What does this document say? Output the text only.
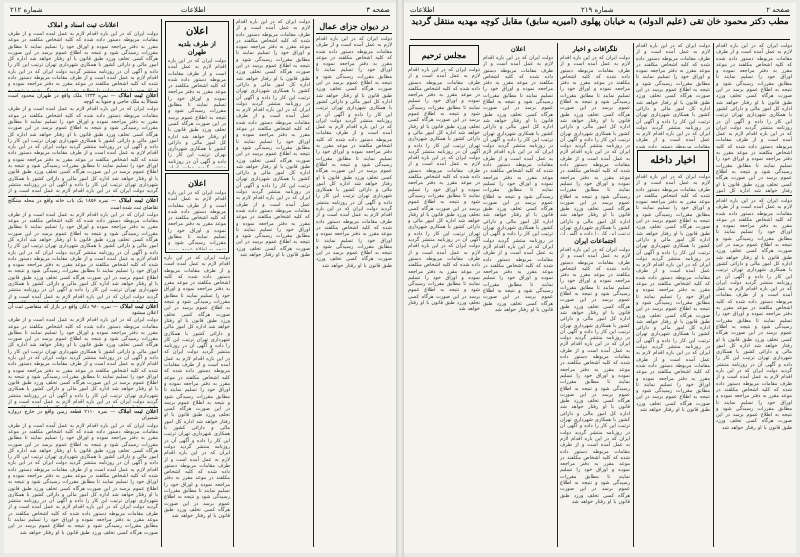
صفحه ۳
اطلاعات
شماره ۲۱۲
در دیوان جزای عمال
دولت ایران که در این باره اقدام لازم به عمل آمده است و از طرف مقامات مربوطه دستور داده شده که کلیه اشخاص مکلفند در موعد مقرر به دفتر مراجعه نموده و اوراق خود را تسلیم نمایند تا مطابق مقررات رسیدگی شود و نتیجه به اطلاع عموم برسد در این صورت هرگاه کسی تخلف ورزد طبق قانون با او رفتار خواهد شد اداره کل امور مالی و دارائی کشور با همکاری شهرداری تهران ترتیب این کار را داده و آگهی آن در روزنامه منتشر گردید دولت ایران که در این باره اقدام لازم به عمل آمده است و از طرف مقامات مربوطه دستور داده شده که کلیه اشخاص مکلفند در موعد مقرر به دفتر مراجعه نموده و اوراق خود را تسلیم نمایند تا مطابق مقررات رسیدگی شود و نتیجه به اطلاع عموم برسد در این صورت هرگاه کسی تخلف ورزد طبق قانون با او رفتار خواهد شد اداره کل امور مالی و دارائی کشور با همکاری شهرداری تهران ترتیب این کار را داده و آگهی آن در روزنامه منتشر گردید دولت ایران که در این باره اقدام لازم به عمل آمده است و از طرف مقامات مربوطه دستور داده شده که کلیه اشخاص مکلفند در موعد مقرر به دفتر مراجعه نموده و اوراق خود را تسلیم نمایند تا مطابق مقررات رسیدگی شود و نتیجه به اطلاع عموم برسد در این صورت هرگاه کسی تخلف ورزد طبق قانون با او رفتار خواهد شد
دولت ایران که در این باره اقدام لازم به عمل آمده است و از طرف مقامات مربوطه دستور داده شده که کلیه اشخاص مکلفند در موعد مقرر به دفتر مراجعه نموده و اوراق خود را تسلیم نمایند تا مطابق مقررات رسیدگی شود و نتیجه به اطلاع عموم برسد در این صورت هرگاه کسی تخلف ورزد طبق قانون با او رفتار خواهد شد اداره کل امور مالی و دارائی کشور با همکاری شهرداری تهران ترتیب این کار را داده و آگهی آن در روزنامه منتشر گردید دولت ایران که در این باره اقدام لازم به عمل آمده است و از طرف مقامات مربوطه دستور داده شده که کلیه اشخاص مکلفند در موعد مقرر به دفتر مراجعه نموده و اوراق خود را تسلیم نمایند تا مطابق مقررات رسیدگی شود و نتیجه به اطلاع عموم برسد در این صورت هرگاه کسی تخلف ورزد طبق قانون با او رفتار خواهد شد اداره کل امور مالی و دارائی کشور با همکاری شهرداری تهران ترتیب این کار را داده و آگهی آن در روزنامه منتشر گردید دولت ایران که در این باره اقدام لازم به عمل آمده است و از طرف مقامات مربوطه دستور داده شده که کلیه اشخاص مکلفند در موعد مقرر به دفتر مراجعه نموده و اوراق خود را تسلیم نمایند تا مطابق مقررات رسیدگی شود و نتیجه به اطلاع عموم برسد در این صورت هرگاه کسی تخلف ورزد طبق قانون با او رفتار خواهد شد
اعلان
از طرف بلدیه طهران
دولت ایران که در این باره اقدام لازم به عمل آمده است و از طرف مقامات مربوطه دستور داده شده که کلیه اشخاص مکلفند در موعد مقرر به دفتر مراجعه نموده و اوراق خود را تسلیم نمایند تا مطابق مقررات رسیدگی شود و نتیجه به اطلاع عموم برسد در این صورت هرگاه کسی تخلف ورزد طبق قانون با او رفتار خواهد شد اداره کل امور مالی و دارائی کشور با همکاری شهرداری تهران ترتیب این کار را داده و آگهی آن در روزنامه منتشر گردید دولت ایران که در این باره اقدام لازم به عمل آمده است و از طرف مقامات مربوطه دستور داده شده که کلیه اشخاص مکلفند در موعد مقرر به دفتر مراجعه نموده و اوراق خود را تسلیم نمایند تا مطابق مقررات رسیدگی شود و نتیجه به اطلاع عموم برسد در این صورت هرگاه کسی تخلف ورزد طبق قانون با او رفتار خواهد شد اداره کل امور مالی و دارائی کشور با همکاری شهرداری تهران ترتیب این کار را داده و آگهی آن در روزنامه منتشر گردید دولت ایران که در این باره اقدام لازم به عمل آمده است و از طرف مقامات مربوطه دستور داده شده که کلیه اشخاص مکلفند در موعد مقرر به دفتر مراجعه نموده و اوراق خود را تسلیم نمایند تا مطابق مقررات رسیدگی شود و نتیجه به اطلاع عموم برسد در این صورت هرگاه کسی تخلف ورزد طبق قانون با او رفتار خواهد شد
اعلان
دولت ایران که در این باره اقدام لازم به عمل آمده است و از طرف مقامات مربوطه دستور داده شده که کلیه اشخاص مکلفند در موعد مقرر به دفتر مراجعه نموده و اوراق خود را تسلیم نمایند تا مطابق مقررات رسیدگی شود و نتیجه به اطلاع عموم برسد در این صورت هرگاه کسی تخلف ورزد طبق قانون با او رفتار خواهد شد اداره کل امور مالی و دارائی کشور با همکاری شهرداری تهران ترتیب این کار را داده و آگهی آن در روزنامه منتشر گردید دولت ایران که در این باره اقدام لازم به عمل آمده است و از طرف مقامات مربوطه دستور داده شده که کلیه اشخاص مکلفند در موعد مقرر به دفتر مراجعه نموده و اوراق خود را تسلیم نمایند تا مطابق مقررات رسیدگی شود و نتیجه به اطلاع عموم برسد در این صورت هرگاه کسی تخلف ورزد طبق قانون با او رفتار خواهد شد اداره کل امور مالی و دارائی کشور با همکاری شهرداری تهران ترتیب این کار را داده و آگهی آن در روزنامه منتشر گردید دولت ایران که در این باره اقدام لازم به عمل آمده است و از طرف مقامات مربوطه دستور داده شده که کلیه اشخاص مکلفند در موعد مقرر به دفتر مراجعه نموده و اوراق خود را تسلیم نمایند تا مطابق مقررات رسیدگی شود و نتیجه به اطلاع عموم برسد در این صورت هرگاه کسی تخلف ورزد طبق قانون با او رفتار خواهد شد
دولت ایران که در این باره اقدام لازم به عمل آمده است و از طرف مقامات مربوطه دستور داده شده که کلیه اشخاص مکلفند در موعد مقرر به دفتر مراجعه نموده و اوراق خود را تسلیم نمایند تا مطابق مقررات رسیدگی شود و نتیجه به اطلاع عموم برسد در این صورت هرگاه کسی تخلف ورزد طبق قانون با او رفتار خواهد شد اداره کل امور مالی و دارائی کشور با همکاری شهرداری تهران ترتیب این کار را داده و آگهی آن در روزنامه منتشر گردید دولت ایران که در این باره اقدام لازم به عمل آمده است و از طرف مقامات مربوطه دستور داده شده که کلیه اشخاص مکلفند در موعد مقرر به دفتر مراجعه نموده و اوراق خود را تسلیم نمایند تا مطابق مقررات رسیدگی شود و نتیجه به اطلاع عموم برسد در این صورت هرگاه کسی تخلف ورزد طبق قانون با او رفتار خواهد شد اداره کل امور مالی و دارائی کشور با همکاری شهرداری تهران ترتیب این کار را داده و آگهی آن در روزنامه منتشر گردید دولت ایران که در این باره اقدام لازم به عمل آمده است و از طرف مقامات مربوطه دستور داده شده که کلیه اشخاص مکلفند در موعد مقرر به دفتر مراجعه نموده و اوراق خود را تسلیم نمایند تا مطابق مقررات رسیدگی شود و نتیجه به اطلاع عموم برسد در این صورت هرگاه کسی تخلف ورزد طبق قانون با او رفتار خواهد شد
اعلانات ثبت اسناد و املاک
دولت ایران که در این باره اقدام لازم به عمل آمده است و از طرف مقامات مربوطه دستور داده شده که کلیه اشخاص مکلفند در موعد مقرر به دفتر مراجعه نموده و اوراق خود را تسلیم نمایند تا مطابق مقررات رسیدگی شود و نتیجه به اطلاع عموم برسد در این صورت هرگاه کسی تخلف ورزد طبق قانون با او رفتار خواهد شد اداره کل امور مالی و دارائی کشور با همکاری شهرداری تهران ترتیب این کار را داده و آگهی آن در روزنامه منتشر گردید دولت ایران که در این باره اقدام لازم به عمل آمده است و از طرف مقامات مربوطه دستور داده شده که کلیه اشخاص مکلفند در موعد مقرر به دفتر مراجعه نموده و اوراق خود را تسلیم نمایند تا مطابق مقررات رسیدگی شود و نتیجه به اطلاع عموم برسد در این صورت هرگاه کسی تخلف ورزد طبق قانون با او رفتار خواهد شد اداره کل امور مالی و دارائی کشور با همکاری شهرداری تهران ترتیب این کار را داده و آگهی آن در روزنامه منتشر گردید دولت ایران که در این باره اقدام لازم به عمل آمده است و از طرف مقامات مربوطه دستور داده شده که کلیه اشخاص مکلفند در موعد مقرر به دفتر مراجعه نموده و اوراق خود را تسلیم نمایند تا مطابق مقررات رسیدگی شود و نتیجه به اطلاع عموم برسد در این صورت هرگاه کسی تخلف ورزد طبق قانون با او رفتار خواهد شد
اعلان ثبت املاک — نمره ۱۲۳۴ ملک واقع در طهران محدود است شمالاً به ملک حاجی و جنوباً به کوچه
دولت ایران که در این باره اقدام لازم به عمل آمده است و از طرف مقامات مربوطه دستور داده شده که کلیه اشخاص مکلفند در موعد مقرر به دفتر مراجعه نموده و اوراق خود را تسلیم نمایند تا مطابق مقررات رسیدگی شود و نتیجه به اطلاع عموم برسد در این صورت هرگاه کسی تخلف ورزد طبق قانون با او رفتار خواهد شد اداره کل امور مالی و دارائی کشور با همکاری شهرداری تهران ترتیب این کار را داده و آگهی آن در روزنامه منتشر گردید دولت ایران که در این باره اقدام لازم به عمل آمده است و از طرف مقامات مربوطه دستور داده شده که کلیه اشخاص مکلفند در موعد مقرر به دفتر مراجعه نموده و اوراق خود را تسلیم نمایند تا مطابق مقررات رسیدگی شود و نتیجه به اطلاع عموم برسد در این صورت هرگاه کسی تخلف ورزد طبق قانون با او رفتار خواهد شد اداره کل امور مالی و دارائی کشور با همکاری شهرداری تهران ترتیب این کار را داده و آگهی آن در روزنامه منتشر گردید دولت ایران که در این باره اقدام لازم به عمل آمده است و از طرف مقامات مربوطه دستور داده شده که کلیه اشخاص مکلفند در موعد مقرر به دفتر مراجعه نموده و اوراق خود را تسلیم نمایند تا مطابق مقررات رسیدگی شود و نتیجه به اطلاع عموم برسد در این صورت هرگاه کسی تخلف ورزد طبق قانون با او رفتار خواهد شد
اعلان ثبت املاک — نمره ۱۸۵۶ یک باب خانه واقع در محله سنگلج تقاضای ثبت شده است
دولت ایران که در این باره اقدام لازم به عمل آمده است و از طرف مقامات مربوطه دستور داده شده که کلیه اشخاص مکلفند در موعد مقرر به دفتر مراجعه نموده و اوراق خود را تسلیم نمایند تا مطابق مقررات رسیدگی شود و نتیجه به اطلاع عموم برسد در این صورت هرگاه کسی تخلف ورزد طبق قانون با او رفتار خواهد شد اداره کل امور مالی و دارائی کشور با همکاری شهرداری تهران ترتیب این کار را داده و آگهی آن در روزنامه منتشر گردید دولت ایران که در این باره اقدام لازم به عمل آمده است و از طرف مقامات مربوطه دستور داده شده که کلیه اشخاص مکلفند در موعد مقرر به دفتر مراجعه نموده و اوراق خود را تسلیم نمایند تا مطابق مقررات رسیدگی شود و نتیجه به اطلاع عموم برسد در این صورت هرگاه کسی تخلف ورزد طبق قانون با او رفتار خواهد شد اداره کل امور مالی و دارائی کشور با همکاری شهرداری تهران ترتیب این کار را داده و آگهی آن در روزنامه منتشر گردید دولت ایران که در این باره اقدام لازم به عمل آمده است و از طرف مقامات مربوطه دستور داده شده که کلیه اشخاص مکلفند در موعد مقرر به دفتر مراجعه نموده و اوراق خود را تسلیم نمایند تا مطابق مقررات رسیدگی شود و نتیجه به اطلاع عموم برسد در این صورت هرگاه کسی تخلف ورزد طبق قانون با او رفتار خواهد شد
اعلان ثبت املاک — نمره ۹۸۰ دکان واقع در بازار که متقاضی ثبت آن اعلان میشود
دولت ایران که در این باره اقدام لازم به عمل آمده است و از طرف مقامات مربوطه دستور داده شده که کلیه اشخاص مکلفند در موعد مقرر به دفتر مراجعه نموده و اوراق خود را تسلیم نمایند تا مطابق مقررات رسیدگی شود و نتیجه به اطلاع عموم برسد در این صورت هرگاه کسی تخلف ورزد طبق قانون با او رفتار خواهد شد اداره کل امور مالی و دارائی کشور با همکاری شهرداری تهران ترتیب این کار را داده و آگهی آن در روزنامه منتشر گردید دولت ایران که در این باره اقدام لازم به عمل آمده است و از طرف مقامات مربوطه دستور داده شده که کلیه اشخاص مکلفند در موعد مقرر به دفتر مراجعه نموده و اوراق خود را تسلیم نمایند تا مطابق مقررات رسیدگی شود و نتیجه به اطلاع عموم برسد در این صورت هرگاه کسی تخلف ورزد طبق قانون با او رفتار خواهد شد اداره کل امور مالی و دارائی کشور با همکاری شهرداری تهران ترتیب این کار را داده و آگهی آن در روزنامه منتشر گردید دولت ایران که در این باره اقدام لازم به عمل آمده است و از طرف مقامات مربوطه دستور داده شده که کلیه اشخاص مکلفند در موعد مقرر به دفتر مراجعه نموده و اوراق خود را تسلیم نمایند تا مطابق مقررات رسیدگی شود و نتیجه به اطلاع عموم برسد در این صورت هرگاه کسی تخلف ورزد طبق قانون با او رفتار خواهد شد
اعلان ثبت املاک — نمره ۲۱۱۰ قطعه زمین واقع در خارج دروازه شمیران
دولت ایران که در این باره اقدام لازم به عمل آمده است و از طرف مقامات مربوطه دستور داده شده که کلیه اشخاص مکلفند در موعد مقرر به دفتر مراجعه نموده و اوراق خود را تسلیم نمایند تا مطابق مقررات رسیدگی شود و نتیجه به اطلاع عموم برسد در این صورت هرگاه کسی تخلف ورزد طبق قانون با او رفتار خواهد شد اداره کل امور مالی و دارائی کشور با همکاری شهرداری تهران ترتیب این کار را داده و آگهی آن در روزنامه منتشر گردید دولت ایران که در این باره اقدام لازم به عمل آمده است و از طرف مقامات مربوطه دستور داده شده که کلیه اشخاص مکلفند در موعد مقرر به دفتر مراجعه نموده و اوراق خود را تسلیم نمایند تا مطابق مقررات رسیدگی شود و نتیجه به اطلاع عموم برسد در این صورت هرگاه کسی تخلف ورزد طبق قانون با او رفتار خواهد شد اداره کل امور مالی و دارائی کشور با همکاری شهرداری تهران ترتیب این کار را داده و آگهی آن در روزنامه منتشر گردید دولت ایران که در این باره اقدام لازم به عمل آمده است و از طرف مقامات مربوطه دستور داده شده که کلیه اشخاص مکلفند در موعد مقرر به دفتر مراجعه نموده و اوراق خود را تسلیم نمایند تا مطابق مقررات رسیدگی شود و نتیجه به اطلاع عموم برسد در این صورت هرگاه کسی تخلف ورزد طبق قانون با او رفتار خواهد شد
صفحه ۲
شماره ۲۱۹
اطلاعات
مطب دکتر محمود خان تقی (علیم الدوله) به خیابان پهلوی (امیریه سابق) مقابل کوچه مهدیه منتقل گردید
دولت ایران که در این باره اقدام لازم به عمل آمده است و از طرف مقامات مربوطه دستور داده شده که کلیه اشخاص مکلفند در موعد مقرر به دفتر مراجعه نموده و اوراق خود را تسلیم نمایند تا مطابق مقررات رسیدگی شود و نتیجه به اطلاع عموم برسد در این صورت هرگاه کسی تخلف ورزد طبق قانون با او رفتار خواهد شد اداره کل امور مالی و دارائی کشور با همکاری شهرداری تهران ترتیب این کار را داده و آگهی آن در روزنامه منتشر گردید دولت ایران که در این باره اقدام لازم به عمل آمده است و از طرف مقامات مربوطه دستور داده شده که کلیه اشخاص مکلفند در موعد مقرر به دفتر مراجعه نموده و اوراق خود را تسلیم نمایند تا مطابق مقررات رسیدگی شود و نتیجه به اطلاع عموم برسد در این صورت هرگاه کسی تخلف ورزد طبق قانون با او رفتار خواهد شد اداره کل امور مالی و دارائی کشور با همکاری شهرداری تهران ترتیب این کار را داده و آگهی آن در روزنامه منتشر گردید دولت ایران که در این باره اقدام لازم به عمل آمده است و از طرف مقامات مربوطه دستور داده شده که کلیه اشخاص مکلفند در موعد مقرر به دفتر مراجعه نموده و اوراق خود را تسلیم نمایند تا مطابق مقررات رسیدگی شود و نتیجه به اطلاع عموم برسد در این صورت هرگاه کسی تخلف ورزد طبق قانون با او رفتار خواهد شد
دولت ایران که در این باره اقدام لازم به عمل آمده است و از طرف مقامات مربوطه دستور داده شده که کلیه اشخاص مکلفند در موعد مقرر به دفتر مراجعه نموده و اوراق خود را تسلیم نمایند تا مطابق مقررات رسیدگی شود و نتیجه به اطلاع عموم برسد در این صورت هرگاه کسی تخلف ورزد طبق قانون با او رفتار خواهد شد اداره کل امور مالی و دارائی کشور با همکاری شهرداری تهران ترتیب این کار را داده و آگهی آن در روزنامه منتشر گردید دولت ایران که در این باره اقدام لازم به عمل آمده است و از طرف مقامات مربوطه دستور داده شده که کلیه اشخاص مکلفند در موعد مقرر به دفتر مراجعه نموده و اوراق خود را تسلیم نمایند تا مطابق مقررات رسیدگی شود و نتیجه به اطلاع عموم برسد در این صورت هرگاه کسی تخلف ورزد طبق قانون با او رفتار خواهد شد اداره کل امور مالی و دارائی کشور با همکاری شهرداری تهران ترتیب این کار را داده و آگهی آن در روزنامه منتشر گردید دولت ایران که در این باره اقدام لازم به عمل آمده است و از طرف مقامات مربوطه دستور داده شده که کلیه اشخاص مکلفند در موعد مقرر به دفتر مراجعه نموده و اوراق خود را تسلیم نمایند تا مطابق مقررات رسیدگی شود و نتیجه به اطلاع عموم برسد در این صورت هرگاه کسی تخلف ورزد طبق قانون با او رفتار خواهد شد
دولت ایران که در این باره اقدام لازم به عمل آمده است و از طرف مقامات مربوطه دستور داده شده که کلیه اشخاص مکلفند در موعد مقرر به دفتر مراجعه نموده و اوراق خود را تسلیم نمایند تا مطابق مقررات رسیدگی شود و نتیجه به اطلاع عموم برسد در این صورت هرگاه کسی تخلف ورزد طبق قانون با او رفتار خواهد شد اداره کل امور مالی و دارائی کشور با همکاری شهرداری تهران ترتیب این کار را داده و آگهی آن در روزنامه منتشر گردید دولت ایران که در این باره اقدام لازم به عمل آمده است و از طرف مقامات مربوطه دستور داده شده که کلیه اشخاص مکلفند در موعد مقرر به دفتر مراجعه نموده و اوراق خود را تسلیم نمایند تا مطابق مقررات رسیدگی شود و نتیجه به اطلاع عموم برسد در این صورت هرگاه کسی تخلف ورزد طبق قانون با او رفتار خواهد شد اداره کل امور مالی و دارائی کشور با همکاری شهرداری تهران ترتیب این کار را داده و آگهی آن در روزنامه منتشر گردید دولت ایران که در این باره اقدام لازم به عمل آمده است و از طرف مقامات مربوطه دستور داده شده که کلیه اشخاص مکلفند در موعد مقرر به دفتر مراجعه نموده و اوراق خود را تسلیم نمایند تا مطابق مقررات رسیدگی شود و نتیجه به اطلاع عموم برسد در این صورت هرگاه کسی تخلف ورزد طبق قانون با او رفتار خواهد شد
اخبار داخله
دولت ایران که در این باره اقدام لازم به عمل آمده است و از طرف مقامات مربوطه دستور داده شده که کلیه اشخاص مکلفند در موعد مقرر به دفتر مراجعه نموده و اوراق خود را تسلیم نمایند تا مطابق مقررات رسیدگی شود و نتیجه به اطلاع عموم برسد در این صورت هرگاه کسی تخلف ورزد طبق قانون با او رفتار خواهد شد اداره کل امور مالی و دارائی کشور با همکاری شهرداری تهران ترتیب این کار را داده و آگهی آن در روزنامه منتشر گردید دولت ایران که در این باره اقدام لازم به عمل آمده است و از طرف مقامات مربوطه دستور داده شده که کلیه اشخاص مکلفند در موعد مقرر به دفتر مراجعه نموده و اوراق خود را تسلیم نمایند تا مطابق مقررات رسیدگی شود و نتیجه به اطلاع عموم برسد در این صورت هرگاه کسی تخلف ورزد طبق قانون با او رفتار خواهد شد اداره کل امور مالی و دارائی کشور با همکاری شهرداری تهران ترتیب این کار را داده و آگهی آن در روزنامه منتشر گردید دولت ایران که در این باره اقدام لازم به عمل آمده است و از طرف مقامات مربوطه دستور داده شده که کلیه اشخاص مکلفند در موعد مقرر به دفتر مراجعه نموده و اوراق خود را تسلیم نمایند تا مطابق مقررات رسیدگی شود و نتیجه به اطلاع عموم برسد در این صورت هرگاه کسی تخلف ورزد طبق قانون با او رفتار خواهد شد
تلگرافات و اخبار
دولت ایران که در این باره اقدام لازم به عمل آمده است و از طرف مقامات مربوطه دستور داده شده که کلیه اشخاص مکلفند در موعد مقرر به دفتر مراجعه نموده و اوراق خود را تسلیم نمایند تا مطابق مقررات رسیدگی شود و نتیجه به اطلاع عموم برسد در این صورت هرگاه کسی تخلف ورزد طبق قانون با او رفتار خواهد شد اداره کل امور مالی و دارائی کشور با همکاری شهرداری تهران ترتیب این کار را داده و آگهی آن در روزنامه منتشر گردید دولت ایران که در این باره اقدام لازم به عمل آمده است و از طرف مقامات مربوطه دستور داده شده که کلیه اشخاص مکلفند در موعد مقرر به دفتر مراجعه نموده و اوراق خود را تسلیم نمایند تا مطابق مقررات رسیدگی شود و نتیجه به اطلاع عموم برسد در این صورت هرگاه کسی تخلف ورزد طبق قانون با او رفتار خواهد شد اداره کل امور مالی و دارائی کشور با همکاری شهرداری تهران ترتیب این کار را داده و آگهی آن در روزنامه منتشر گردید دولت ایران که در این باره اقدام لازم به عمل آمده است و از طرف مقامات مربوطه دستور داده شده که کلیه اشخاص مکلفند در موعد مقرر به دفتر مراجعه نموده و اوراق خود را تسلیم نمایند تا مطابق مقررات رسیدگی شود و نتیجه به اطلاع عموم برسد در این صورت هرگاه کسی تخلف ورزد طبق قانون با او رفتار خواهد شد
اجتماعات ایران
دولت ایران که در این باره اقدام لازم به عمل آمده است و از طرف مقامات مربوطه دستور داده شده که کلیه اشخاص مکلفند در موعد مقرر به دفتر مراجعه نموده و اوراق خود را تسلیم نمایند تا مطابق مقررات رسیدگی شود و نتیجه به اطلاع عموم برسد در این صورت هرگاه کسی تخلف ورزد طبق قانون با او رفتار خواهد شد اداره کل امور مالی و دارائی کشور با همکاری شهرداری تهران ترتیب این کار را داده و آگهی آن در روزنامه منتشر گردید دولت ایران که در این باره اقدام لازم به عمل آمده است و از طرف مقامات مربوطه دستور داده شده که کلیه اشخاص مکلفند در موعد مقرر به دفتر مراجعه نموده و اوراق خود را تسلیم نمایند تا مطابق مقررات رسیدگی شود و نتیجه به اطلاع عموم برسد در این صورت هرگاه کسی تخلف ورزد طبق قانون با او رفتار خواهد شد اداره کل امور مالی و دارائی کشور با همکاری شهرداری تهران ترتیب این کار را داده و آگهی آن در روزنامه منتشر گردید دولت ایران که در این باره اقدام لازم به عمل آمده است و از طرف مقامات مربوطه دستور داده شده که کلیه اشخاص مکلفند در موعد مقرر به دفتر مراجعه نموده و اوراق خود را تسلیم نمایند تا مطابق مقررات رسیدگی شود و نتیجه به اطلاع عموم برسد در این صورت هرگاه کسی تخلف ورزد طبق قانون با او رفتار خواهد شد
مجلس ترحیم
دولت ایران که در این باره اقدام لازم به عمل آمده است و از طرف مقامات مربوطه دستور داده شده که کلیه اشخاص مکلفند در موعد مقرر به دفتر مراجعه نموده و اوراق خود را تسلیم نمایند تا مطابق مقررات رسیدگی شود و نتیجه به اطلاع عموم برسد در این صورت هرگاه کسی تخلف ورزد طبق قانون با او رفتار خواهد شد اداره کل امور مالی و دارائی کشور با همکاری شهرداری تهران ترتیب این کار را داده و آگهی آن در روزنامه منتشر گردید دولت ایران که در این باره اقدام لازم به عمل آمده است و از طرف مقامات مربوطه دستور داده شده که کلیه اشخاص مکلفند در موعد مقرر به دفتر مراجعه نموده و اوراق خود را تسلیم نمایند تا مطابق مقررات رسیدگی شود و نتیجه به اطلاع عموم برسد در این صورت هرگاه کسی تخلف ورزد طبق قانون با او رفتار خواهد شد اداره کل امور مالی و دارائی کشور با همکاری شهرداری تهران ترتیب این کار را داده و آگهی آن در روزنامه منتشر گردید دولت ایران که در این باره اقدام لازم به عمل آمده است و از طرف مقامات مربوطه دستور داده شده که کلیه اشخاص مکلفند در موعد مقرر به دفتر مراجعه نموده و اوراق خود را تسلیم نمایند تا مطابق مقررات رسیدگی شود و نتیجه به اطلاع عموم برسد در این صورت هرگاه کسی تخلف ورزد طبق قانون با او رفتار خواهد شد
اعلان
دولت ایران که در این باره اقدام لازم به عمل آمده است و از طرف مقامات مربوطه دستور داده شده که کلیه اشخاص مکلفند در موعد مقرر به دفتر مراجعه نموده و اوراق خود را تسلیم نمایند تا مطابق مقررات رسیدگی شود و نتیجه به اطلاع عموم برسد در این صورت هرگاه کسی تخلف ورزد طبق قانون با او رفتار خواهد شد اداره کل امور مالی و دارائی کشور با همکاری شهرداری تهران ترتیب این کار را داده و آگهی آن در روزنامه منتشر گردید دولت ایران که در این باره اقدام لازم به عمل آمده است و از طرف مقامات مربوطه دستور داده شده که کلیه اشخاص مکلفند در موعد مقرر به دفتر مراجعه نموده و اوراق خود را تسلیم نمایند تا مطابق مقررات رسیدگی شود و نتیجه به اطلاع عموم برسد در این صورت هرگاه کسی تخلف ورزد طبق قانون با او رفتار خواهد شد اداره کل امور مالی و دارائی کشور با همکاری شهرداری تهران ترتیب این کار را داده و آگهی آن در روزنامه منتشر گردید دولت ایران که در این باره اقدام لازم به عمل آمده است و از طرف مقامات مربوطه دستور داده شده که کلیه اشخاص مکلفند در موعد مقرر به دفتر مراجعه نموده و اوراق خود را تسلیم نمایند تا مطابق مقررات رسیدگی شود و نتیجه به اطلاع عموم برسد در این صورت هرگاه کسی تخلف ورزد طبق قانون با او رفتار خواهد شد
